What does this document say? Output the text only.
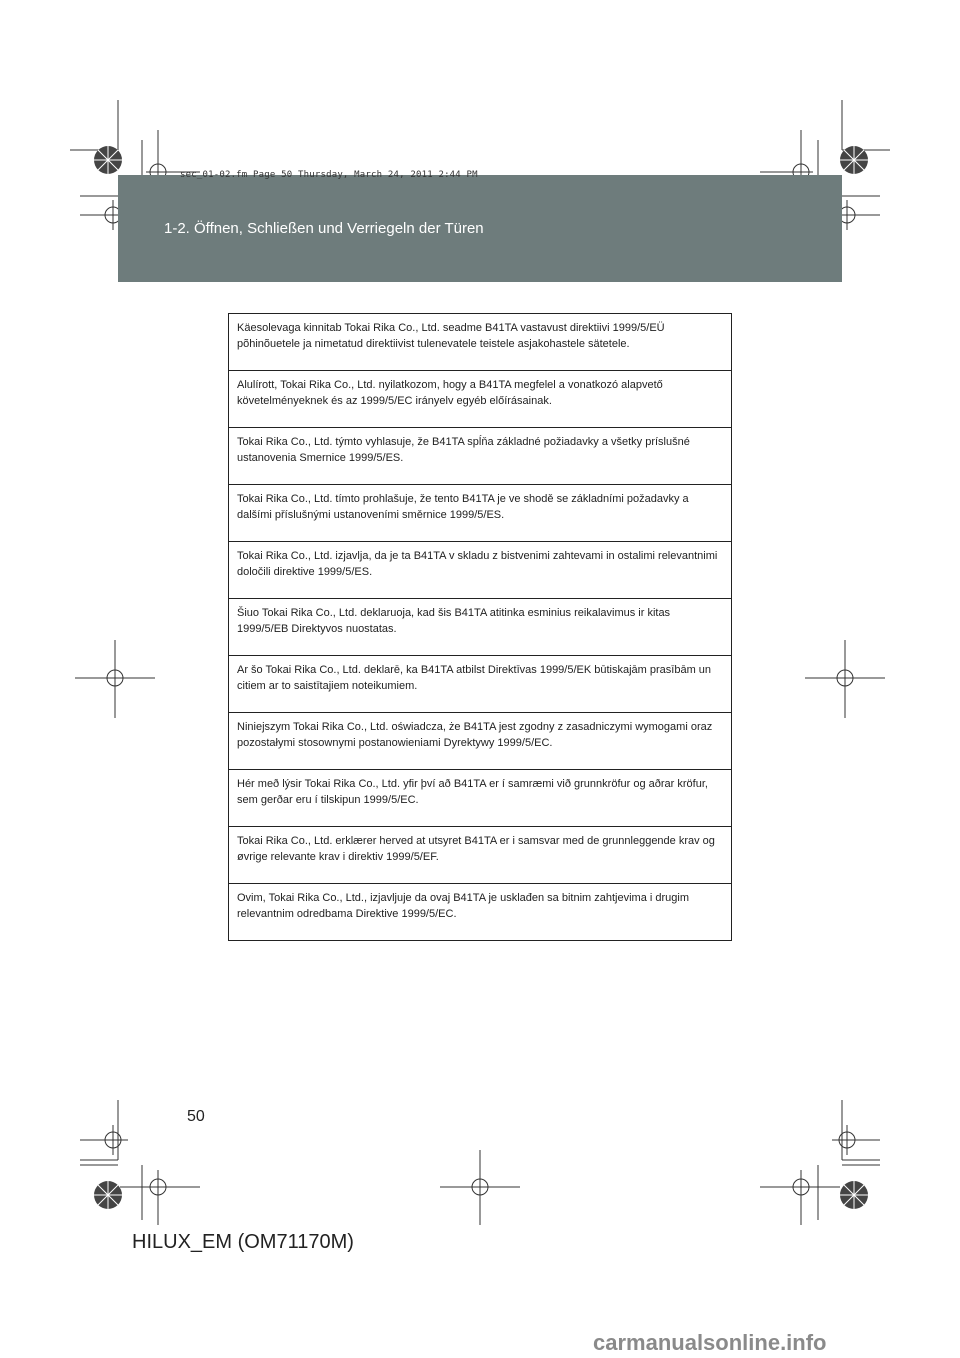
sec_01-02.fm Page 50 Thursday, March 24, 2011 2:44 PM
1-2. Öffnen, Schließen und Verriegeln der Türen
Käesolevaga kinnitab Tokai Rika Co., Ltd. seadme B41TA vastavust direktiivi 1999/5/EÜ põhinõuetele ja nimetatud direktiivist tulenevatele teistele asjakohastele sätetele.
Alulírott, Tokai Rika Co., Ltd. nyilatkozom, hogy a B41TA megfelel a vonatkozó alapvető követelményeknek és az 1999/5/EC irányelv egyéb előírásainak.
Tokai Rika Co., Ltd. týmto vyhlasuje, že B41TA spĺňa základné požiadavky a všetky príslušné ustanovenia Smernice 1999/5/ES.
Tokai Rika Co., Ltd. tímto prohlašuje, že tento B41TA je ve shodě se základními požadavky a dalšími příslušnými ustanoveními směrnice 1999/5/ES.
Tokai Rika Co., Ltd. izjavlja, da je ta B41TA v skladu z bistvenimi zahtevami in ostalimi relevantnimi določili direktive 1999/5/ES.
Šiuo Tokai Rika Co., Ltd. deklaruoja, kad šis B41TA atitinka esminius reikalavimus ir kitas 1999/5/EB Direktyvos nuostatas.
Ar šo Tokai Rika Co., Ltd. deklarē, ka B41TA atbilst Direktīvas 1999/5/EK būtiskajām prasībām un citiem ar to saistītajiem noteikumiem.
Niniejszym Tokai Rika Co., Ltd. oświadcza, że B41TA jest zgodny z zasadniczymi wymogami oraz pozostałymi stosownymi postanowieniami Dyrektywy 1999/5/EC.
Hér með lýsir Tokai Rika Co., Ltd. yfir því að B41TA er í samræmi við grunnkröfur og aðrar kröfur, sem gerðar eru í tilskipun 1999/5/EC.
Tokai Rika Co., Ltd. erklærer herved at utsyret B41TA er i samsvar med de grunnleggende krav og øvrige relevante krav i direktiv 1999/5/EF.
Ovim, Tokai Rika Co., Ltd., izjavljuje da ovaj B41TA je usklađen sa bitnim zahtjevima i drugim relevantnim odredbama Direktive 1999/5/EC.
50
HILUX_EM (OM71170M)
carmanualsonline.info
